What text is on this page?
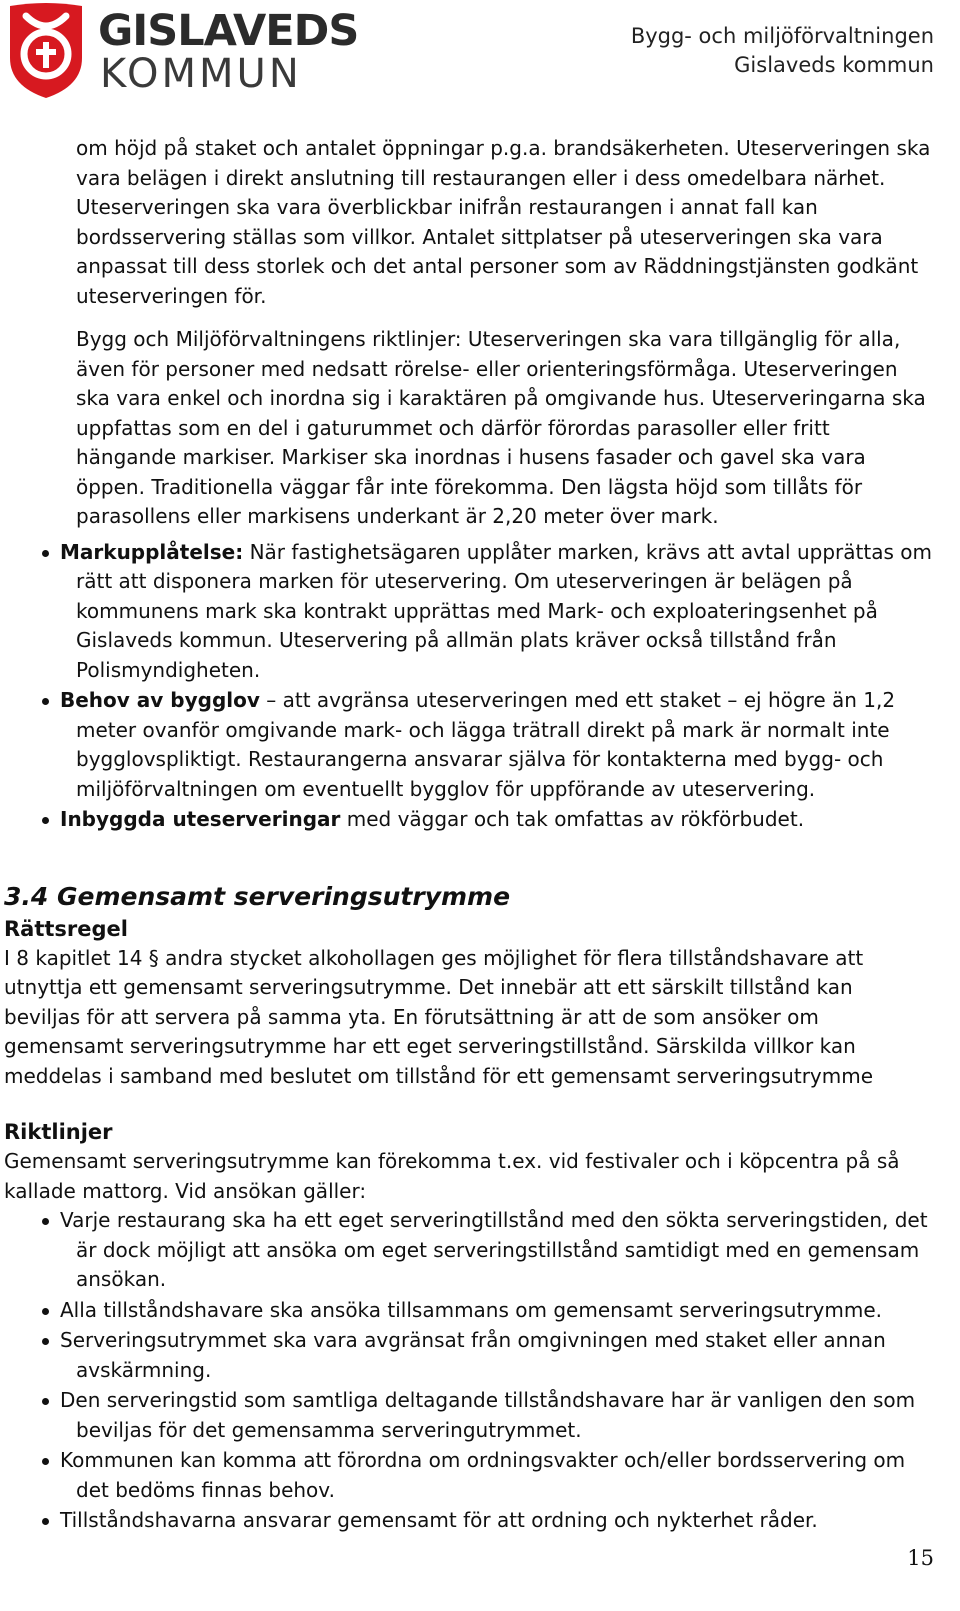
GISLAVEDS
KOMMUN
Bygg- och miljöförvaltningen
Gislaveds kommun

om höjd på staket och antalet öppningar p.g.a. brandsäkerheten. Uteserveringen ska vara belägen i direkt anslutning till restaurangen eller i dess omedelbara närhet. Uteserveringen ska vara överblickbar inifrån restaurangen i annat fall kan bordsservering ställas som villkor. Antalet sittplatser på uteserveringen ska vara anpassat till dess storlek och det antal personer som av Räddningstjänsten godkänt uteserveringen för.

Bygg och Miljöförvaltningens riktlinjer: Uteserveringen ska vara tillgänglig för alla, även för personer med nedsatt rörelse- eller orienteringsförmåga. Uteserveringen ska vara enkel och inordna sig i karaktären på omgivande hus. Uteserveringarna ska uppfattas som en del i gaturummet och därför förordas parasoller eller fritt hängande markiser. Markiser ska inordnas i husens fasader och gavel ska vara öppen. Traditionella väggar får inte förekomma. Den lägsta höjd som tillåts för parasollens eller markisens underkant är 2,20 meter över mark.

Markupplåtelse: När fastighetsägaren upplåter marken, krävs att avtal upprättas om rätt att disponera marken för uteservering. Om uteserveringen är belägen på kommunens mark ska kontrakt upprättas med Mark- och exploateringsenhet på Gislaveds kommun. Uteservering på allmän plats kräver också tillstånd från Polismyndigheten.
Behov av bygglov – att avgränsa uteserveringen med ett staket – ej högre än 1,2 meter ovanför omgivande mark- och lägga trätrall direkt på mark är normalt inte bygglovspliktigt. Restaurangerna ansvarar själva för kontakterna med bygg- och miljöförvaltningen om eventuellt bygglov för uppförande av uteservering.
Inbyggda uteserveringar med väggar och tak omfattas av rökförbudet.
3.4 Gemensamt serveringsutrymme
Rättsregel

I 8 kapitlet 14 § andra stycket alkohollagen ges möjlighet för flera tillståndshavare att utnyttja ett gemensamt serveringsutrymme. Det innebär att ett särskilt tillstånd kan beviljas för att servera på samma yta. En förutsättning är att de som ansöker om gemensamt serveringsutrymme har ett eget serveringstillstånd. Särskilda villkor kan meddelas i samband med beslutet om tillstånd för ett gemensamt serveringsutrymme

Riktlinjer

Gemensamt serveringsutrymme kan förekomma t.ex. vid festivaler och i köpcentra på så kallade mattorg. Vid ansökan gäller:

Varje restaurang ska ha ett eget serveringtillstånd med den sökta serveringstiden, det är dock möjligt att ansöka om eget serveringstillstånd samtidigt med en gemensam ansökan.
Alla tillståndshavare ska ansöka tillsammans om gemensamt serveringsutrymme.
Serveringsutrymmet ska vara avgränsat från omgivningen med staket eller annan avskärmning.
Den serveringstid som samtliga deltagande tillståndshavare har är vanligen den som beviljas för det gemensamma serveringutrymmet.
Kommunen kan komma att förordna om ordningsvakter och/eller bordsservering om det bedöms finnas behov.
Tillståndshavarna ansvarar gemensamt för att ordning och nykterhet råder.
15
